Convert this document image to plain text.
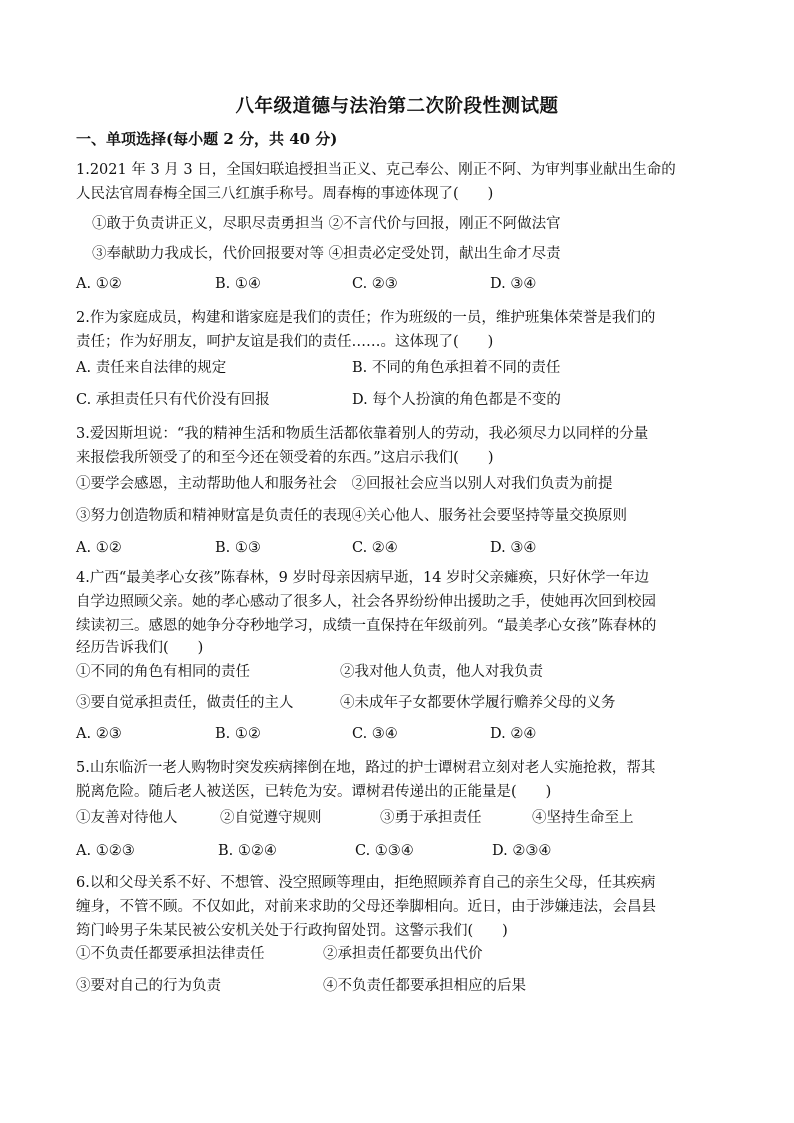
八年级道德与法治第二次阶段性测试题
一、单项选择(每小题 2 分，共 40 分)
1.2021 年 3 月 3 日，全国妇联追授担当正义、克己奉公、刚正不阿、为审判事业献出生命的
人民法官周春梅全国三八红旗手称号。周春梅的事迹体现了(　　)
①敢于负责讲正义，尽职尽责勇担当 ②不言代价与回报，刚正不阿做法官
③奉献助力我成长，代价回报要对等 ④担责必定受处罚，献出生命才尽责
A. ①②	B. ①④	C. ②③	D. ③④
2.作为家庭成员，构建和谐家庭是我们的责任；作为班级的一员，维护班集体荣誉是我们的
责任；作为好朋友，呵护友谊是我们的责任……。这体现了(　　)
A. 责任来自法律的规定	B. 不同的角色承担着不同的责任
C. 承担责任只有代价没有回报	D. 每个人扮演的角色都是不变的
3.爱因斯坦说：“我的精神生活和物质生活都依靠着别人的劳动，我必须尽力以同样的分量
来报偿我所领受了的和至今还在领受着的东西。”这启示我们(　　)
①要学会感恩，主动帮助他人和服务社会　②回报社会应当以别人对我们负责为前提
③努力创造物质和精神财富是负责任的表现④关心他人、服务社会要坚持等量交换原则
A. ①②	B. ①③	C. ②④	D. ③④
4.广西“最美孝心女孩”陈春林，9 岁时母亲因病早逝，14 岁时父亲瘫痪，只好休学一年边
自学边照顾父亲。她的孝心感动了很多人，社会各界纷纷伸出援助之手，使她再次回到校园
续读初三。感恩的她争分夺秒地学习，成绩一直保持在年级前列。“最美孝心女孩”陈春林的
经历告诉我们(　　)
①不同的角色有相同的责任	②我对他人负责，他人对我负责
③要自觉承担责任，做责任的主人	④未成年子女都要休学履行赡养父母的义务
A. ②③	B. ①②	C. ③④	D. ②④
5.山东临沂一老人购物时突发疾病摔倒在地，路过的护士谭树君立刻对老人实施抢救，帮其
脱离危险。随后老人被送医，已转危为安。谭树君传递出的正能量是(　　)
①友善对待他人	②自觉遵守规则	③勇于承担责任	④坚持生命至上
A. ①②③	B. ①②④	C. ①③④	D. ②③④
6.以和父母关系不好、不想管、没空照顾等理由，拒绝照顾养育自己的亲生父母，任其疾病
缠身，不管不顾。不仅如此，对前来求助的父母还拳脚相向。近日，由于涉嫌违法，会昌县
筠门岭男子朱某民被公安机关处于行政拘留处罚。这警示我们(　　)
①不负责任都要承担法律责任	②承担责任都要负出代价
③要对自己的行为负责	④不负责任都要承担相应的后果
